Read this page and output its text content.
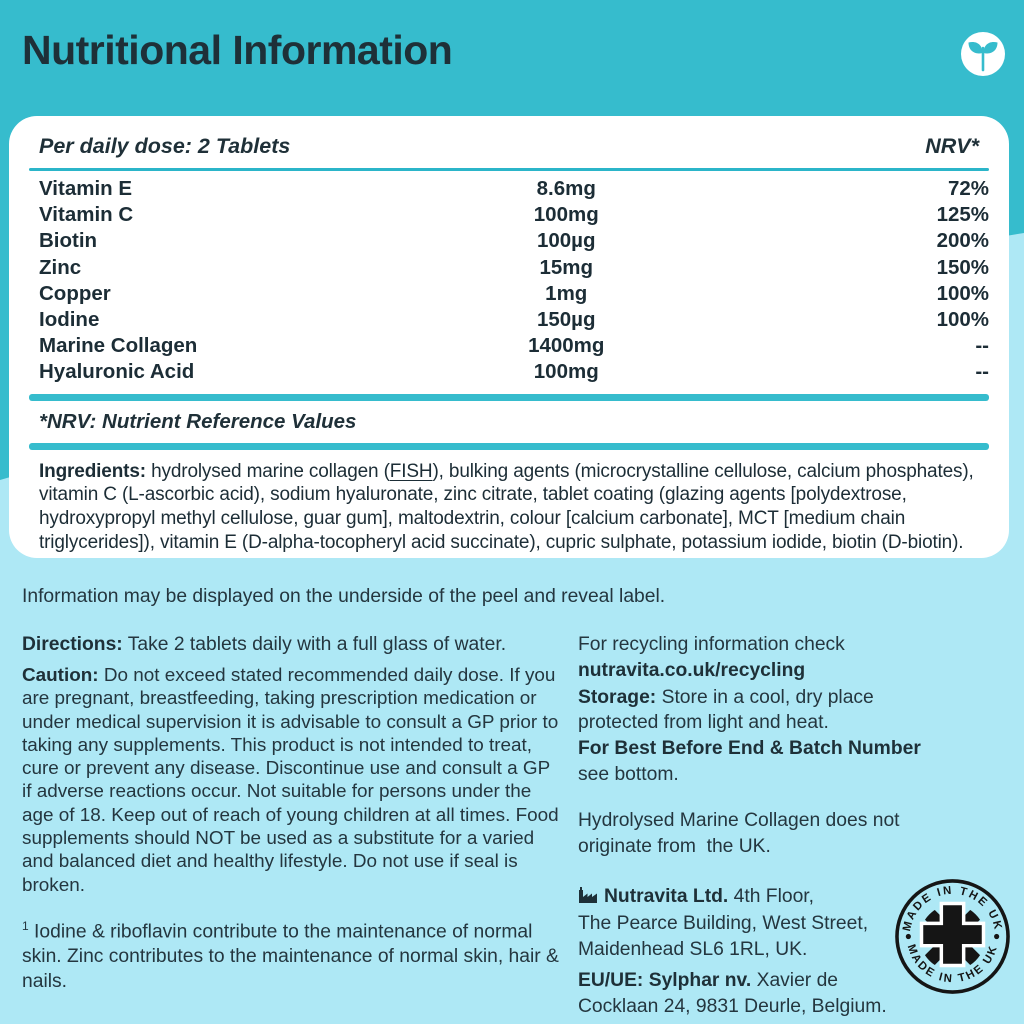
Nutritional Information
Per daily dose: 2 Tablets	NRV*
Vitamin E	8.6mg	72%
Vitamin C	100mg	125%
Biotin	100µg	200%
Zinc	15mg	150%
Copper	1mg	100%
Iodine	150µg	100%
Marine Collagen	1400mg	--
Hyaluronic Acid	100mg	--
*NRV: Nutrient Reference Values

Ingredients: hydrolysed marine collagen (FISH), bulking agents (microcrystalline cellulose, calcium phosphates), vitamin C (L-ascorbic acid), sodium hyaluronate, zinc citrate, tablet coating (glazing agents [polydextrose, hydroxypropyl methyl cellulose, guar gum], maltodextrin, colour [calcium carbonate], MCT [medium chain triglycerides]), vitamin E (D-alpha-tocopheryl acid succinate), cupric sulphate, potassium iodide, biotin (D-biotin).

Information may be displayed on the underside of the peel and reveal label.

Directions: Take 2 tablets daily with a full glass of water.

Caution: Do not exceed stated recommended daily dose. If you are pregnant, breastfeeding, taking prescription medication or under medical supervision it is advisable to consult a GP prior to taking any supplements. This product is not intended to treat, cure or prevent any disease. Discontinue use and consult a GP if adverse reactions occur. Not suitable for persons under the age of 18. Keep out of reach of young children at all times. Food supplements should NOT be used as a substitute for a varied and balanced diet and healthy lifestyle. Do not use if seal is broken.

$^1$ Iodine & riboflavin contribute to the maintenance of normal skin. Zinc contributes to the maintenance of normal skin, hair & nails.

For recycling information check
nutravita.co.uk/recycling

Storage: Store in a cool, dry place protected from light and heat.
For Best Before End & Batch Number
see bottom.

Hydrolysed Marine Collagen does not originate from  the UK.

Nutravita Ltd. 4th Floor,
The Pearce Building, West Street,
Maidenhead SL6 1RL, UK.
EU/UE: Sylphar nv. Xavier de
Cocklaan 24, 9831 Deurle, Belgium.
MADE IN THE UK
MADE IN THE UK
